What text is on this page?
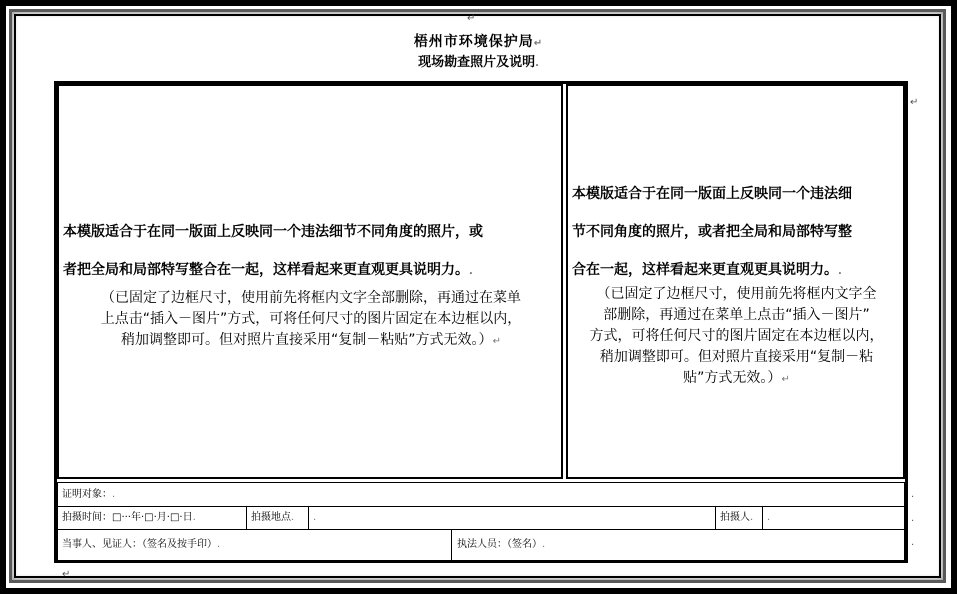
↵
梧州市环境保护局↵
现场勘查照片及说明.
↵
本模版适合于在同一版面上反映同一个违法细节不同角度的照片，或
者把全局和局部特写整合在一起，这样看起来更直观更具说明力。.
（已固定了边框尺寸，使用前先将框内文字全部删除，再通过在菜单
上点击“插入－图片”方式，可将任何尺寸的图片固定在本边框以内，
稍加调整即可。但对照片直接采用“复制－粘贴”方式无效。）↵
本模版适合于在同一版面上反映同一个违法细
节不同角度的照片，或者把全局和局部特写整
合在一起，这样看起来更直观更具说明力。.
（已固定了边框尺寸，使用前先将框内文字全
部删除，再通过在菜单上点击“插入－图片”
方式，可将任何尺寸的图片固定在本边框以内，
稍加调整即可。但对照片直接采用“复制－粘
贴”方式无效。）↵
证明对象：.
拍摄时间：□···年·□·月·□·日.	拍摄地点. .	拍摄人. .
当事人、见证人：（签名及按手印）.	执法人员：（签名）.
.
.
.
↵
